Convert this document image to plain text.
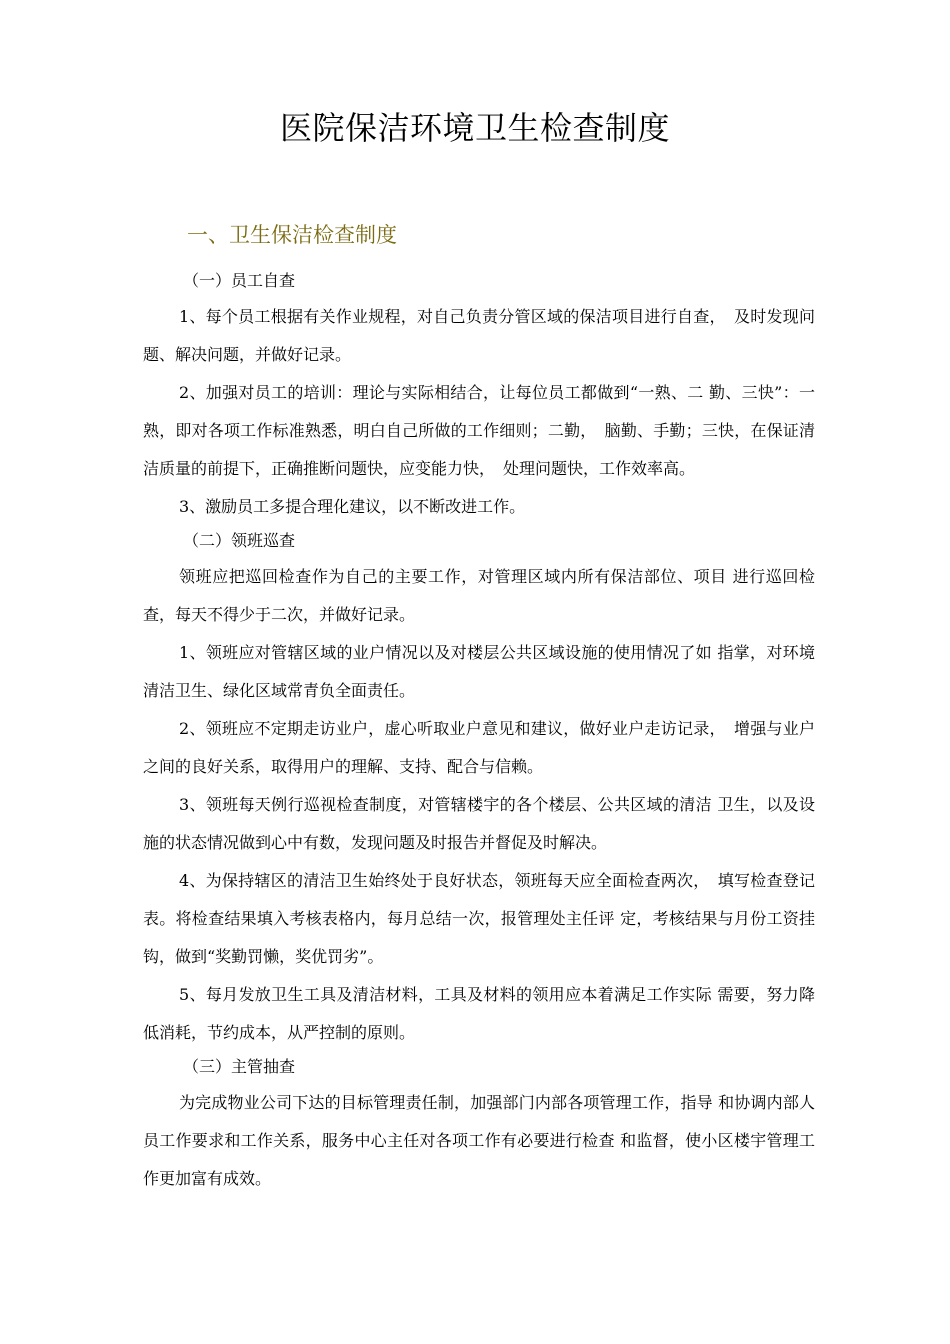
医院保洁环境卫生检查制度
一、卫生保洁检查制度

（一）员工自查

1、每个员工根据有关作业规程，对自己负责分管区域的保洁项目进行自查，　及时发现问题、解决问题，并做好记录。

2、加强对员工的培训：理论与实际相结合，让每位员工都做到“一熟、二 勤、三快”：一熟，即对各项工作标准熟悉，明白自己所做的工作细则；二勤，　脑勤、手勤；三快，在保证清洁质量的前提下，正确推断问题快，应变能力快，　处理问题快，工作效率高。

3、激励员工多提合理化建议，以不断改进工作。

（二）领班巡查

领班应把巡回检查作为自己的主要工作，对管理区域内所有保洁部位、项目 进行巡回检查，每天不得少于二次，并做好记录。

1、领班应对管辖区域的业户情况以及对楼层公共区域设施的使用情况了如 指掌，对环境清洁卫生、绿化区域常青负全面责任。

2、领班应不定期走访业户，虚心听取业户意见和建议，做好业户走访记录，　增强与业户之间的良好关系，取得用户的理解、支持、配合与信赖。

3、领班每天例行巡视检查制度，对管辖楼宇的各个楼层、公共区域的清洁 卫生，以及设施的状态情况做到心中有数，发现问题及时报告并督促及时解决。

4、为保持辖区的清洁卫生始终处于良好状态，领班每天应全面检查两次，　填写检查登记表。将检查结果填入考核表格内，每月总结一次，报管理处主任评 定，考核结果与月份工资挂钩，做到“奖勤罚懒，奖优罚劣”。

5、每月发放卫生工具及清洁材料，工具及材料的领用应本着满足工作实际 需要，努力降低消耗，节约成本，从严控制的原则。

（三）主管抽查

为完成物业公司下达的目标管理责任制，加强部门内部各项管理工作，指导 和协调内部人员工作要求和工作关系，服务中心主任对各项工作有必要进行检查 和监督，使小区楼宇管理工作更加富有成效。
